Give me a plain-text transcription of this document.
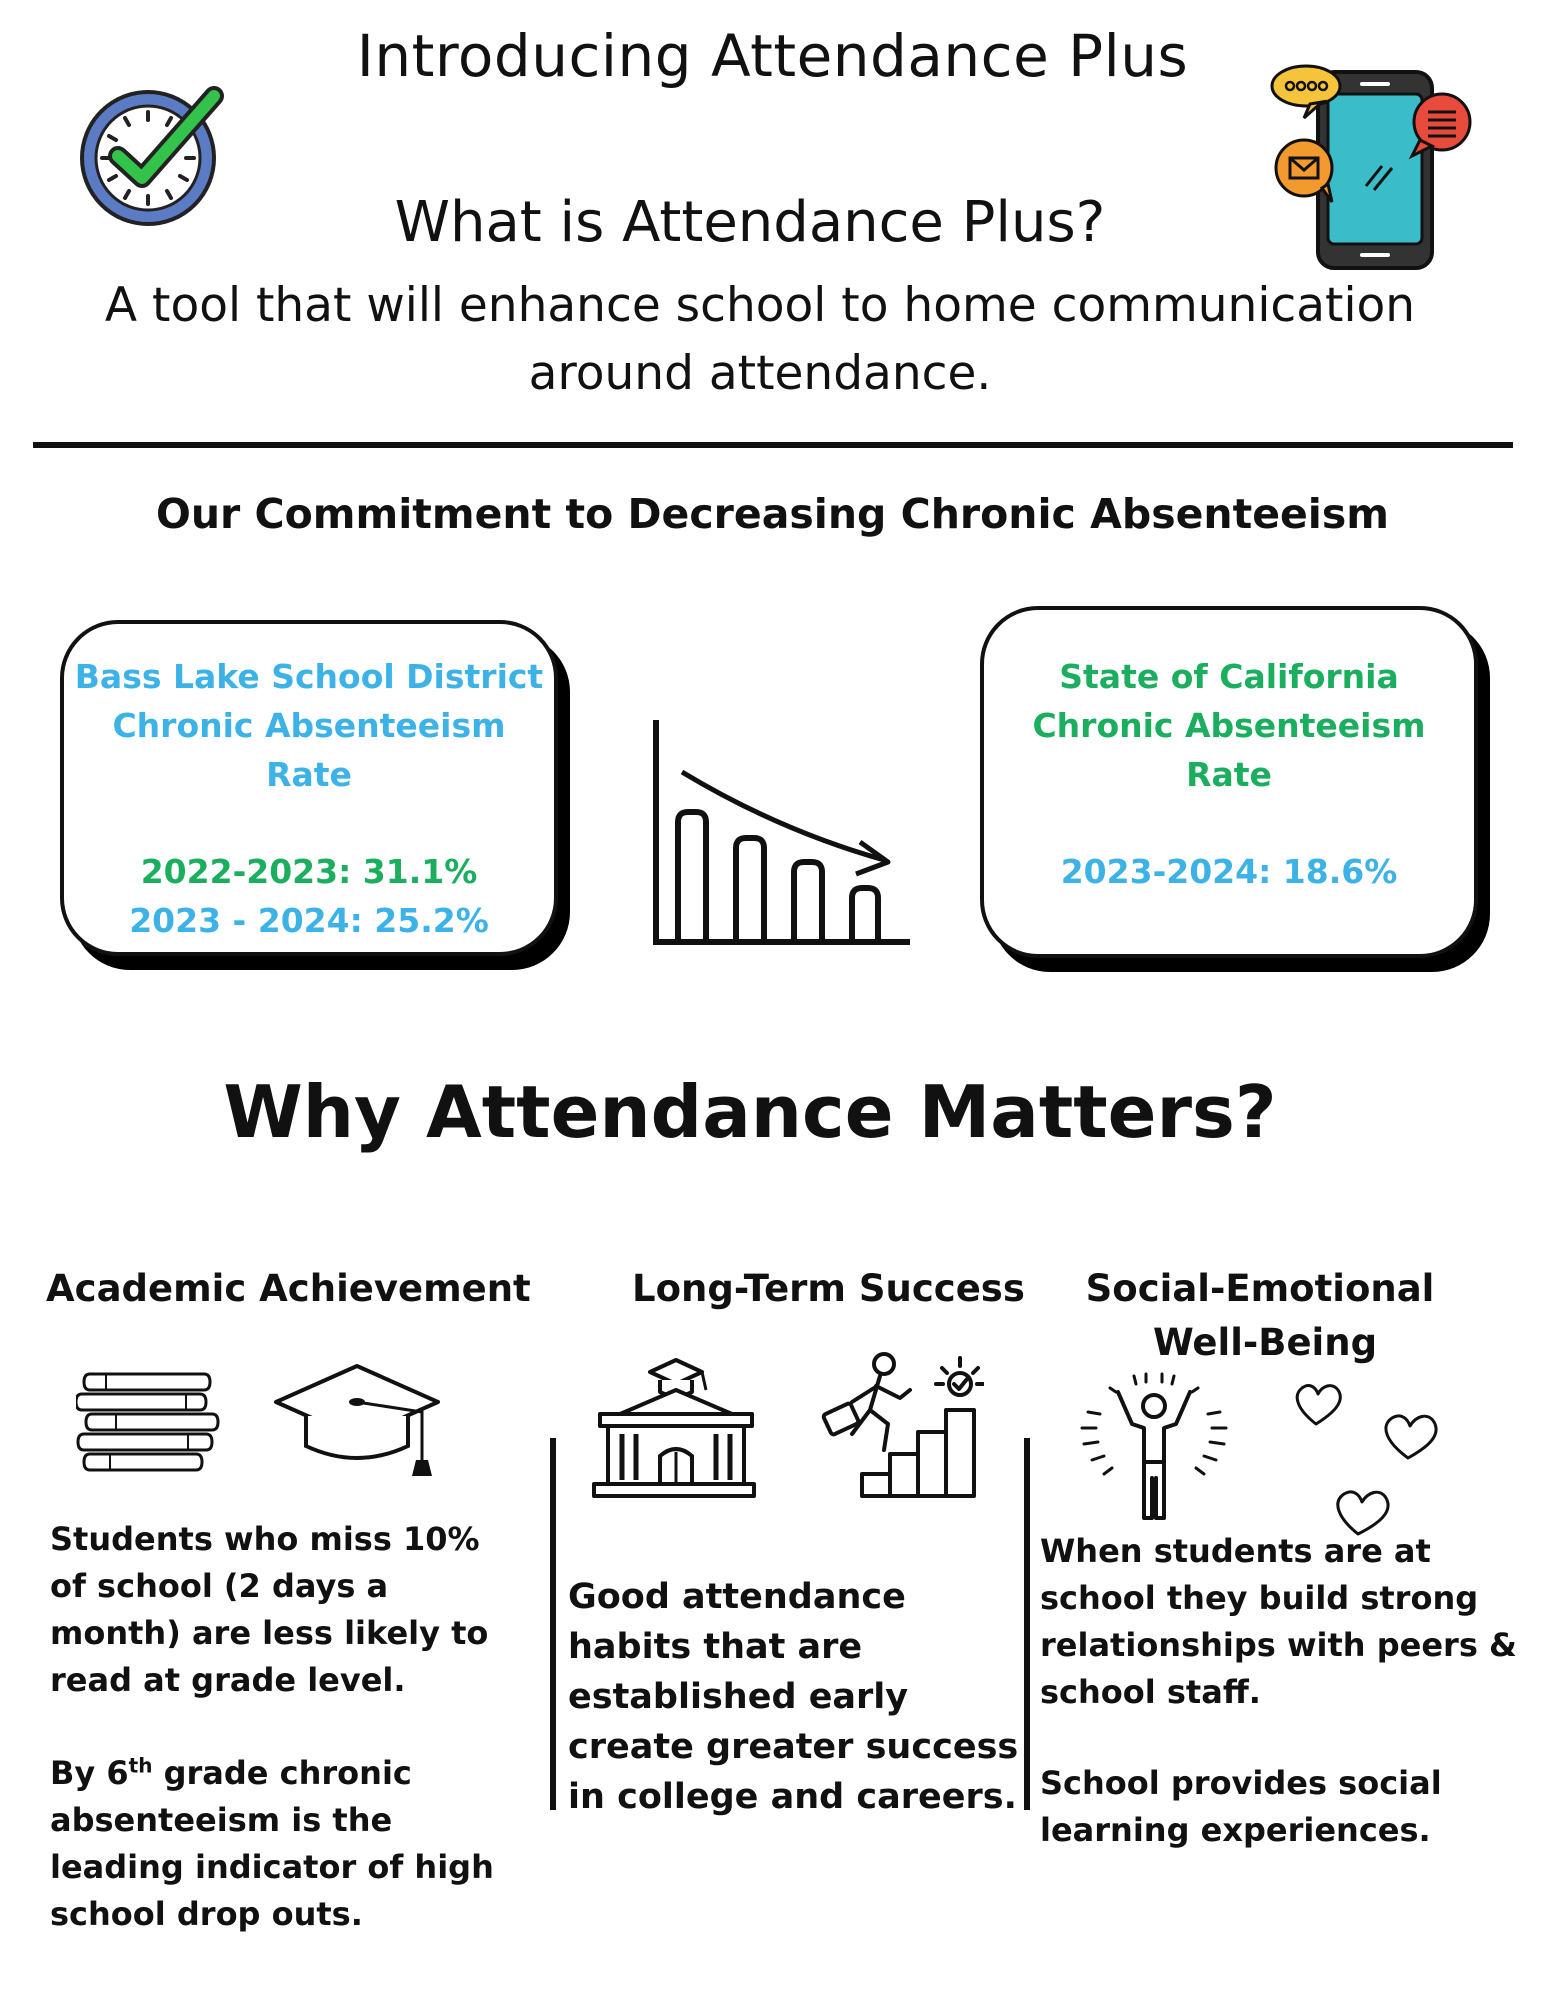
Introducing Attendance Plus
What is Attendance Plus?
A tool that will enhance school to home communication around attendance.
Our Commitment to Decreasing Chronic Absenteeism
Bass Lake School District
Chronic Absenteeism
Rate
2022-2023: 31.1%
2023 - 2024: 25.2%
State of California
Chronic Absenteeism
Rate
2023-2024: 18.6%
Why Attendance Matters?
Academic Achievement
Students who miss 10% of school (2 days a month) are less likely to read at grade level.
By 6th grade chronic absenteeism is the leading indicator of high school drop outs.
Long-Term Success
Good attendance habits that are established early create greater success in college and careers.
Social-Emotional
Well-Being
When students are at school they build strong relationships with peers & school staff.
School provides social learning experiences.
